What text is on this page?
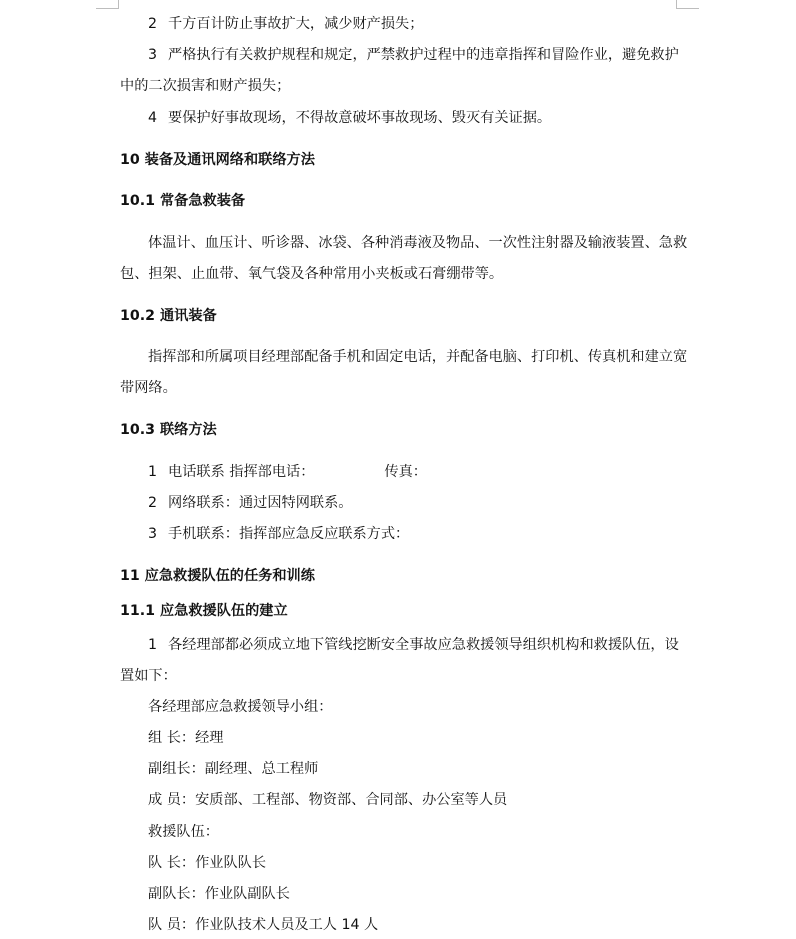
2 千方百计防止事故扩大，减少财产损失；
3 严格执行有关救护规程和规定，严禁救护过程中的违章指挥和冒险作业，避免救护
中的二次损害和财产损失；
4 要保护好事故现场，不得故意破坏事故现场、毁灭有关证据。
10 装备及通讯网络和联络方法
10.1 常备急救装备
体温计、血压计、听诊器、冰袋、各种消毒液及物品、一次性注射器及输液装置、急救
包、担架、止血带、氧气袋及各种常用小夹板或石膏绷带等。
10.2 通讯装备
指挥部和所属项目经理部配备手机和固定电话，并配备电脑、打印机、传真机和建立宽
带网络。
10.3 联络方法
1 电话联系 指挥部电话：	传真：
2 网络联系：通过因特网联系。
3 手机联系：指挥部应急反应联系方式：
11 应急救援队伍的任务和训练
11.1 应急救援队伍的建立
1 各经理部都必须成立地下管线挖断安全事故应急救援领导组织机构和救援队伍，设
置如下：
各经理部应急救援领导小组：
组 长：经理
副组长：副经理、总工程师
成 员：安质部、工程部、物资部、合同部、办公室等人员
救援队伍：
队 长：作业队队长
副队长：作业队副队长
队 员：作业队技术人员及工人 14 人
